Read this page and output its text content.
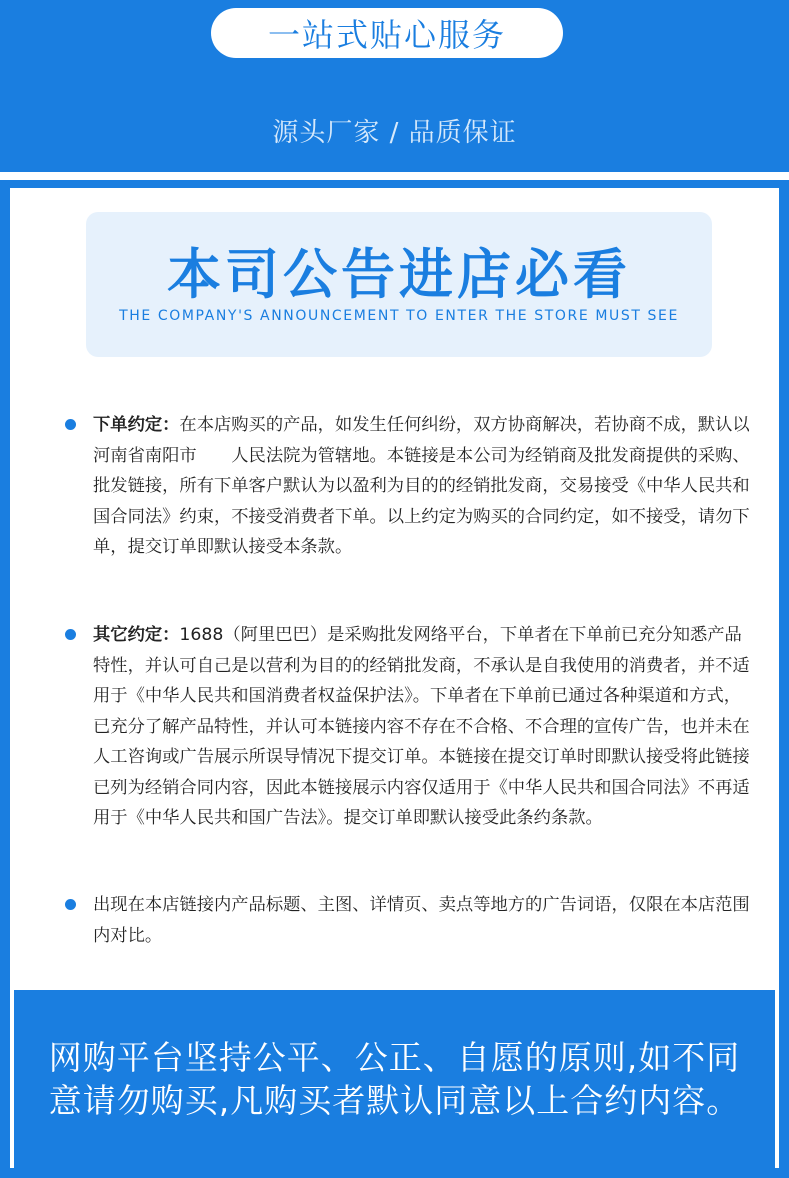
一站式贴心服务
源头厂家 / 品质保证
本司公告进店必看
THE COMPANY'S ANNOUNCEMENT TO ENTER THE STORE MUST SEE
下单约定：在本店购买的产品，如发生任何纠纷，双方协商解决，若协商不成，默认以　　河南省南阳市　　人民法院为管辖地。本链接是本公司为经销商及批发商提供的采购、批发链接，所有下单客户默认为以盈利为目的的经销批发商，交易接受《中华人民共和国合同法》约束，不接受消费者下单。以上约定为购买的合同约定，如不接受，请勿下单，提交订单即默认接受本条款。
其它约定：1688（阿里巴巴）是采购批发网络平台，下单者在下单前已充分知悉产品特性，并认可自己是以营利为目的的经销批发商，不承认是自我使用的消费者，并不适用于《中华人民共和国消费者权益保护法》。下单者在下单前已通过各种渠道和方式，已充分了解产品特性，并认可本链接内容不存在不合格、不合理的宣传广告，也并未在人工咨询或广告展示所误导情况下提交订单。本链接在提交订单时即默认接受将此链接已列为经销合同内容，因此本链接展示内容仅适用于《中华人民共和国合同法》不再适用于《中华人民共和国广告法》。提交订单即默认接受此条约条款。
出现在本店链接内产品标题、主图、详情页、卖点等地方的广告词语，仅限在本店范围内对比。
网购平台坚持公平、公正、自愿的原则,如不同意请勿购买,凡购买者默认同意以上合约内容。
